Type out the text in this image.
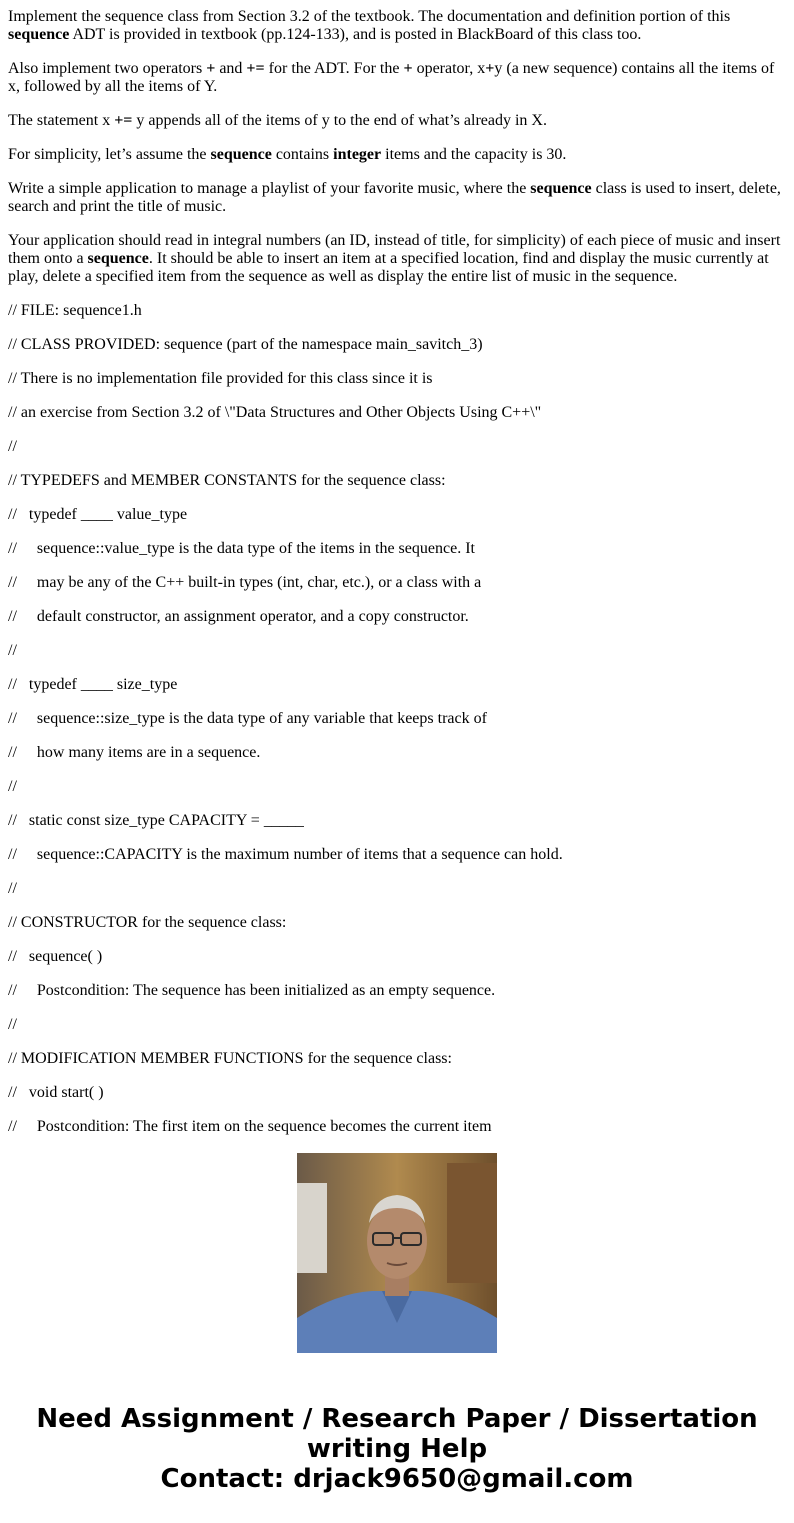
Implement the sequence class from Section 3.2 of the textbook. The documentation and definition portion of this sequence ADT is provided in textbook (pp.124-133), and is posted in BlackBoard of this class too.

Also implement two operators + and += for the ADT. For the + operator, x+y (a new sequence) contains all the items of x, followed by all the items of Y.

The statement x += y appends all of the items of y to the end of what’s already in X.

For simplicity, let’s assume the sequence contains integer items and the capacity is 30.

Write a simple application to manage a playlist of your favorite music, where the sequence class is used to insert, delete, search and print the title of music.

Your application should read in integral numbers (an ID, instead of title, for simplicity) of each piece of music and insert them onto a sequence. It should be able to insert an item at a specified location, find and display the music currently at play, delete a specified item from the sequence as well as display the entire list of music in the sequence.

// FILE: sequence1.h

// CLASS PROVIDED: sequence (part of the namespace main_savitch_3)

// There is no implementation file provided for this class since it is

// an exercise from Section 3.2 of \"Data Structures and Other Objects Using C++\"

//

// TYPEDEFS and MEMBER CONSTANTS for the sequence class:

//   typedef ____ value_type

//     sequence::value_type is the data type of the items in the sequence. It

//     may be any of the C++ built-in types (int, char, etc.), or a class with a

//     default constructor, an assignment operator, and a copy constructor.

//

//   typedef ____ size_type

//     sequence::size_type is the data type of any variable that keeps track of

//     how many items are in a sequence.

//

//   static const size_type CAPACITY = _____

//     sequence::CAPACITY is the maximum number of items that a sequence can hold.

//

// CONSTRUCTOR for the sequence class:

//   sequence( )

//     Postcondition: The sequence has been initialized as an empty sequence.

//

// MODIFICATION MEMBER FUNCTIONS for the sequence class:

//   void start( )

//     Postcondition: The first item on the sequence becomes the current item

Need Assignment / Research Paper / Dissertation
writing Help
Contact: drjack9650@gmail.com
